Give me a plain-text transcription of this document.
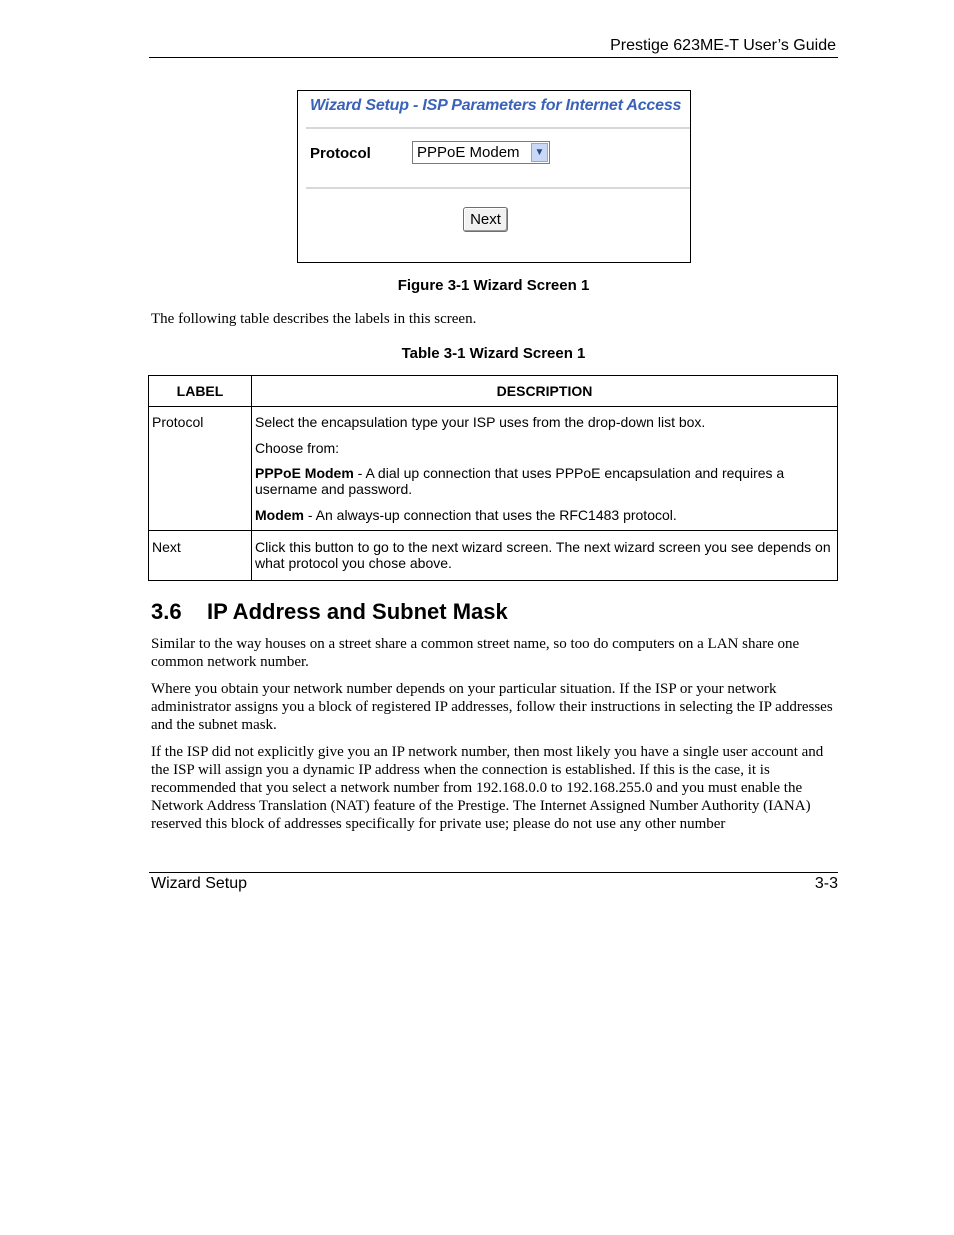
Prestige 623ME-T User’s Guide
Wizard Setup - ISP Parameters for Internet Access
Protocol	PPPoE Modem	▼
Next
Figure 3-1 Wizard Screen 1
The following table describes the labels in this screen.
Table 3-1 Wizard Screen 1
LABEL	DESCRIPTION
Protocol	Select the encapsulation type your ISP uses from the drop-down list box.

Choose from:

PPPoE Modem - A dial up connection that uses PPPoE encapsulation and requires a username and password.

Modem - An always-up connection that uses the RFC1483 protocol.

Next	Click this button to go to the next wizard screen. The next wizard screen you see depends on what protocol you chose above.
3.6 IP Address and Subnet Mask

Similar to the way houses on a street share a common street name, so too do computers on a LAN share one common network number.

Where you obtain your network number depends on your particular situation. If the ISP or your network administrator assigns you a block of registered IP addresses, follow their instructions in selecting the IP addresses and the subnet mask.

If the ISP did not explicitly give you an IP network number, then most likely you have a single user account and the ISP will assign you a dynamic IP address when the connection is established. If this is the case, it is recommended that you select a network number from 192.168.0.0 to 192.168.255.0 and you must enable the Network Address Translation (NAT) feature of the Prestige. The Internet Assigned Number Authority (IANA) reserved this block of addresses specifically for private use; please do not use any other number

Wizard Setup	3-3
